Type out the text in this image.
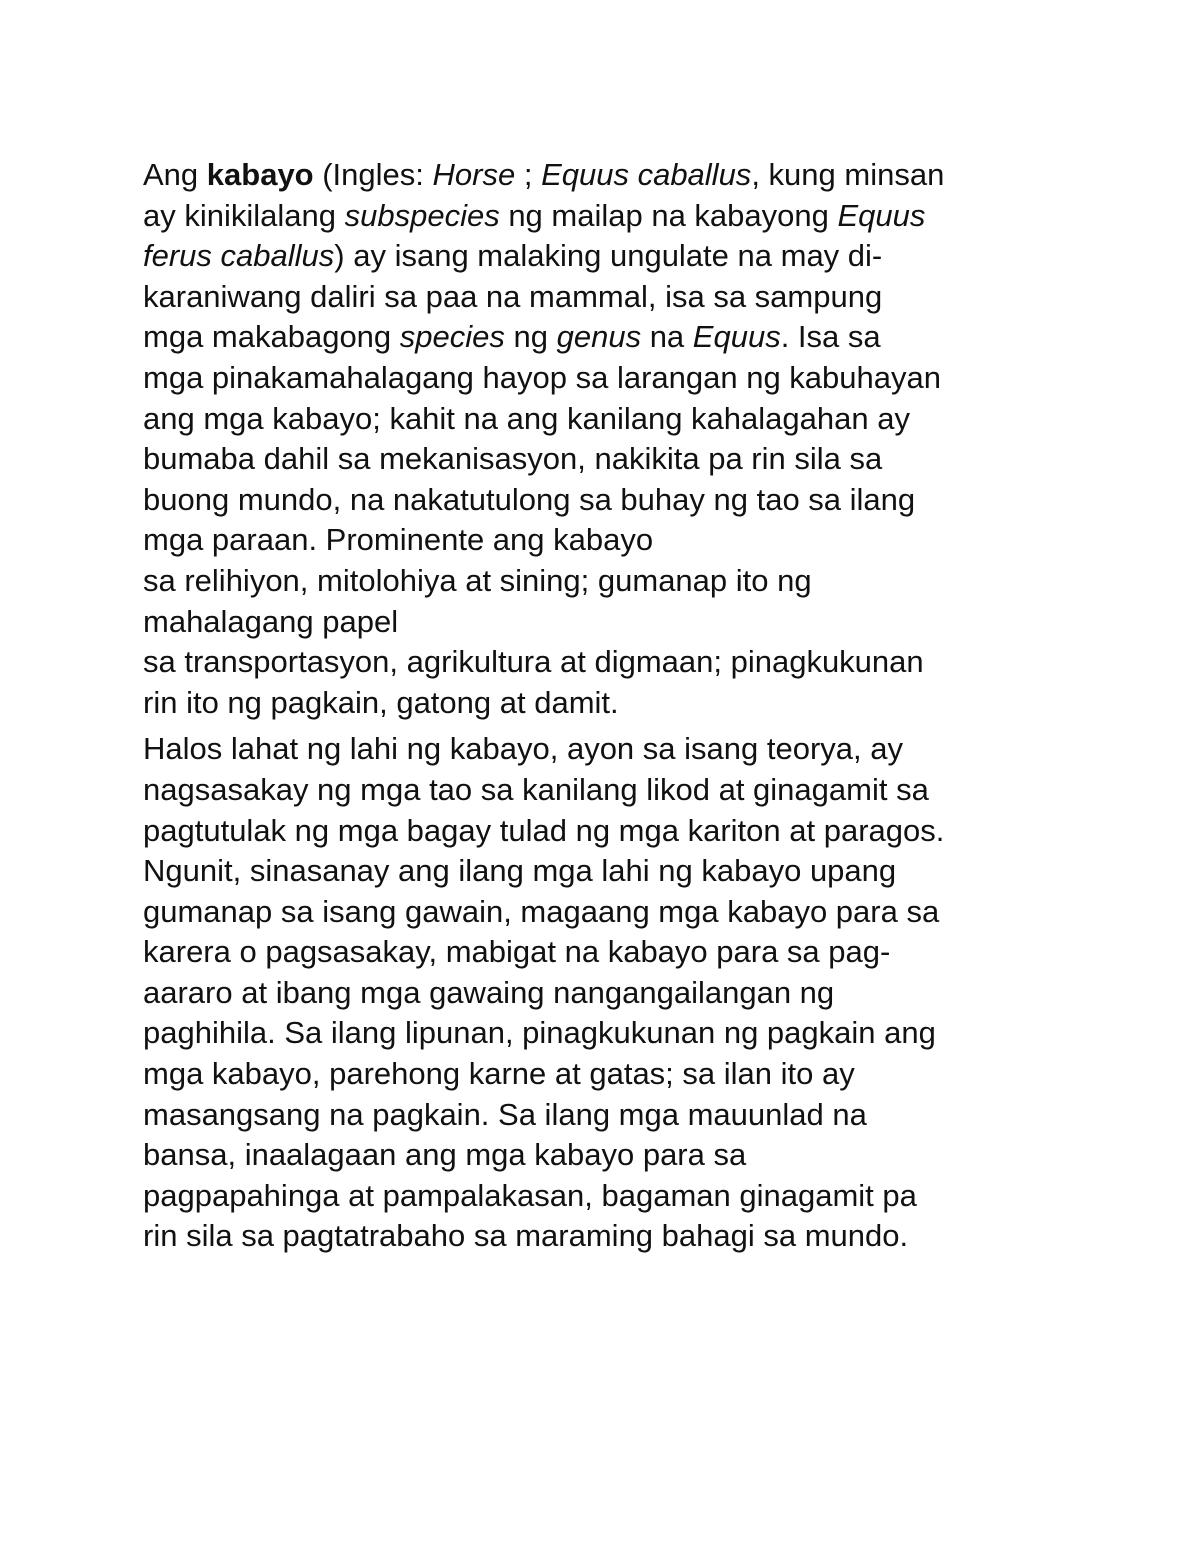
Ang kabayo (Ingles: Horse ; Equus caballus, kung minsan
ay kinikilalang subspecies ng mailap na kabayong Equus
ferus caballus) ay isang malaking ungulate na may di-
karaniwang daliri sa paa na mammal, isa sa sampung
mga makabagong species ng genus na Equus. Isa sa
mga pinakamahalagang hayop sa larangan ng kabuhayan
ang mga kabayo; kahit na ang kanilang kahalagahan ay
bumaba dahil sa mekanisasyon, nakikita pa rin sila sa
buong mundo, na nakatutulong sa buhay ng tao sa ilang
mga paraan. Prominente ang kabayo
sa relihiyon, mitolohiya at sining; gumanap ito ng
mahalagang papel
sa transportasyon, agrikultura at digmaan; pinagkukunan
rin ito ng pagkain, gatong at damit.

Halos lahat ng lahi ng kabayo, ayon sa isang teorya, ay
nagsasakay ng mga tao sa kanilang likod at ginagamit sa
pagtutulak ng mga bagay tulad ng mga kariton at paragos.
Ngunit, sinasanay ang ilang mga lahi ng kabayo upang
gumanap sa isang gawain, magaang mga kabayo para sa
karera o pagsasakay, mabigat na kabayo para sa pag-
aararo at ibang mga gawaing nangangailangan ng
paghihila. Sa ilang lipunan, pinagkukunan ng pagkain ang
mga kabayo, parehong karne at gatas; sa ilan ito ay
masangsang na pagkain. Sa ilang mga mauunlad na
bansa, inaalagaan ang mga kabayo para sa
pagpapahinga at pampalakasan, bagaman ginagamit pa
rin sila sa pagtatrabaho sa maraming bahagi sa mundo.
